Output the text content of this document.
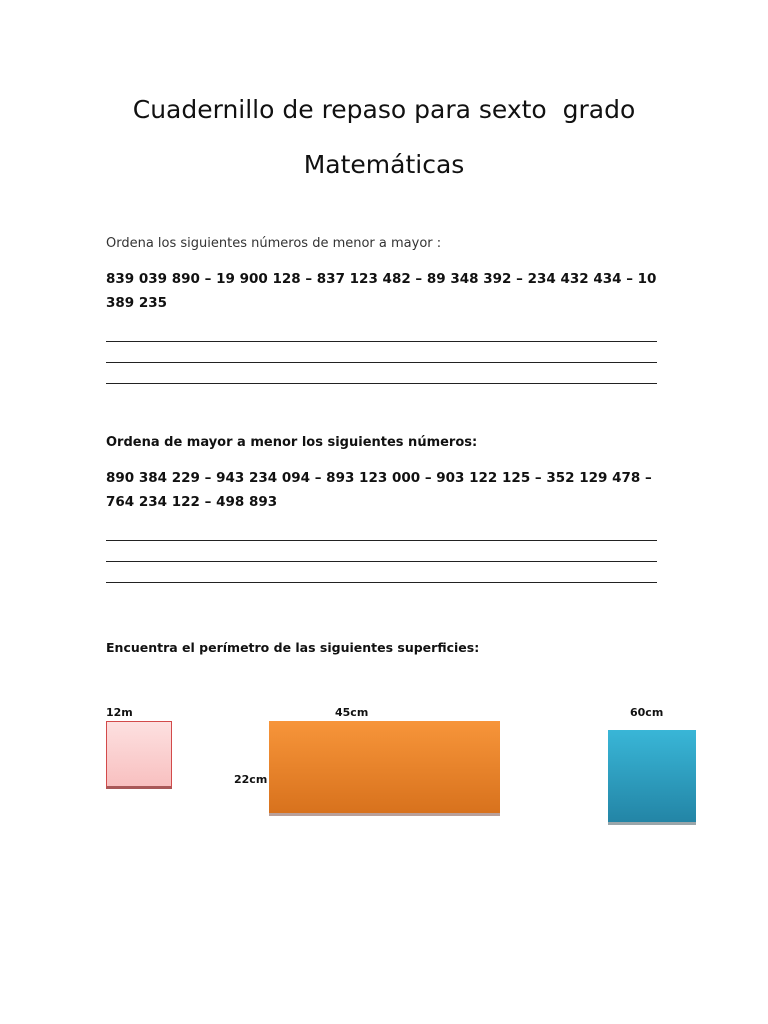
Cuadernillo de repaso para sexto  grado
Matemáticas
Ordena los siguientes números de menor a mayor :
839 039 890 – 19 900 128 – 837 123 482 – 89 348 392 – 234 432 434 – 10
389 235
Ordena de mayor a menor los siguientes números:
890 384 229 – 943 234 094 – 893 123 000 – 903 122 125 – 352 129 478 –
764 234 122 – 498 893
Encuentra el perímetro de las siguientes superficies:
12m	45cm
22cm
60cm
